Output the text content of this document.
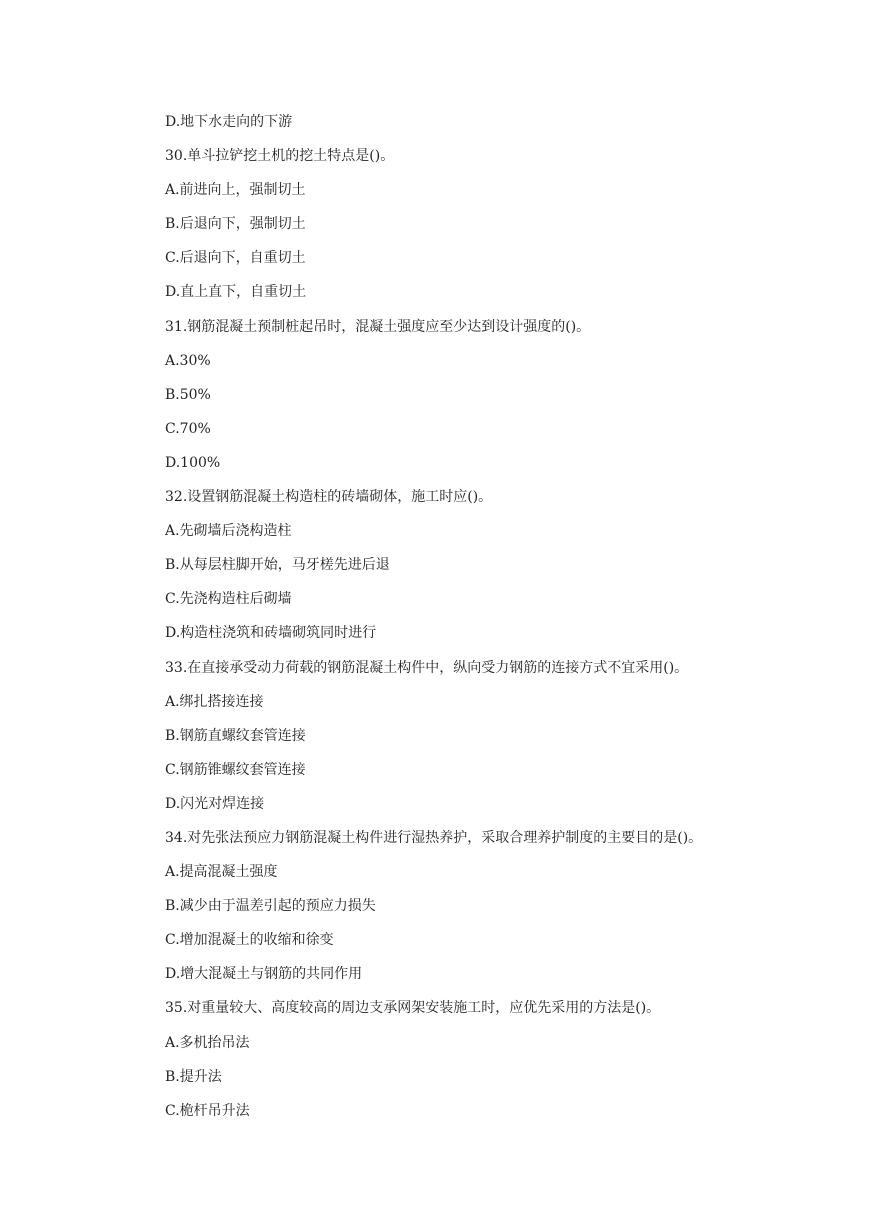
D.地下水走向的下游
30.单斗拉铲挖土机的挖土特点是()。
A.前进向上，强制切土
B.后退向下，强制切土
C.后退向下，自重切土
D.直上直下，自重切土
31.钢筋混凝土预制桩起吊时，混凝土强度应至少达到设计强度的()。
A.30%
B.50%
C.70%
D.100%
32.设置钢筋混凝土构造柱的砖墙砌体，施工时应()。
A.先砌墙后浇构造柱
B.从每层柱脚开始，马牙槎先进后退
C.先浇构造柱后砌墙
D.构造柱浇筑和砖墙砌筑同时进行
33.在直接承受动力荷载的钢筋混凝土构件中，纵向受力钢筋的连接方式不宜采用()。
A.绑扎搭接连接
B.钢筋直螺纹套管连接
C.钢筋锥螺纹套管连接
D.闪光对焊连接
34.对先张法预应力钢筋混凝土构件进行湿热养护，采取合理养护制度的主要目的是()。
A.提高混凝土强度
B.减少由于温差引起的预应力损失
C.增加混凝土的收缩和徐变
D.增大混凝土与钢筋的共同作用
35.对重量较大、高度较高的周边支承网架安装施工时，应优先采用的方法是()。
A.多机抬吊法
B.提升法
C.桅杆吊升法
